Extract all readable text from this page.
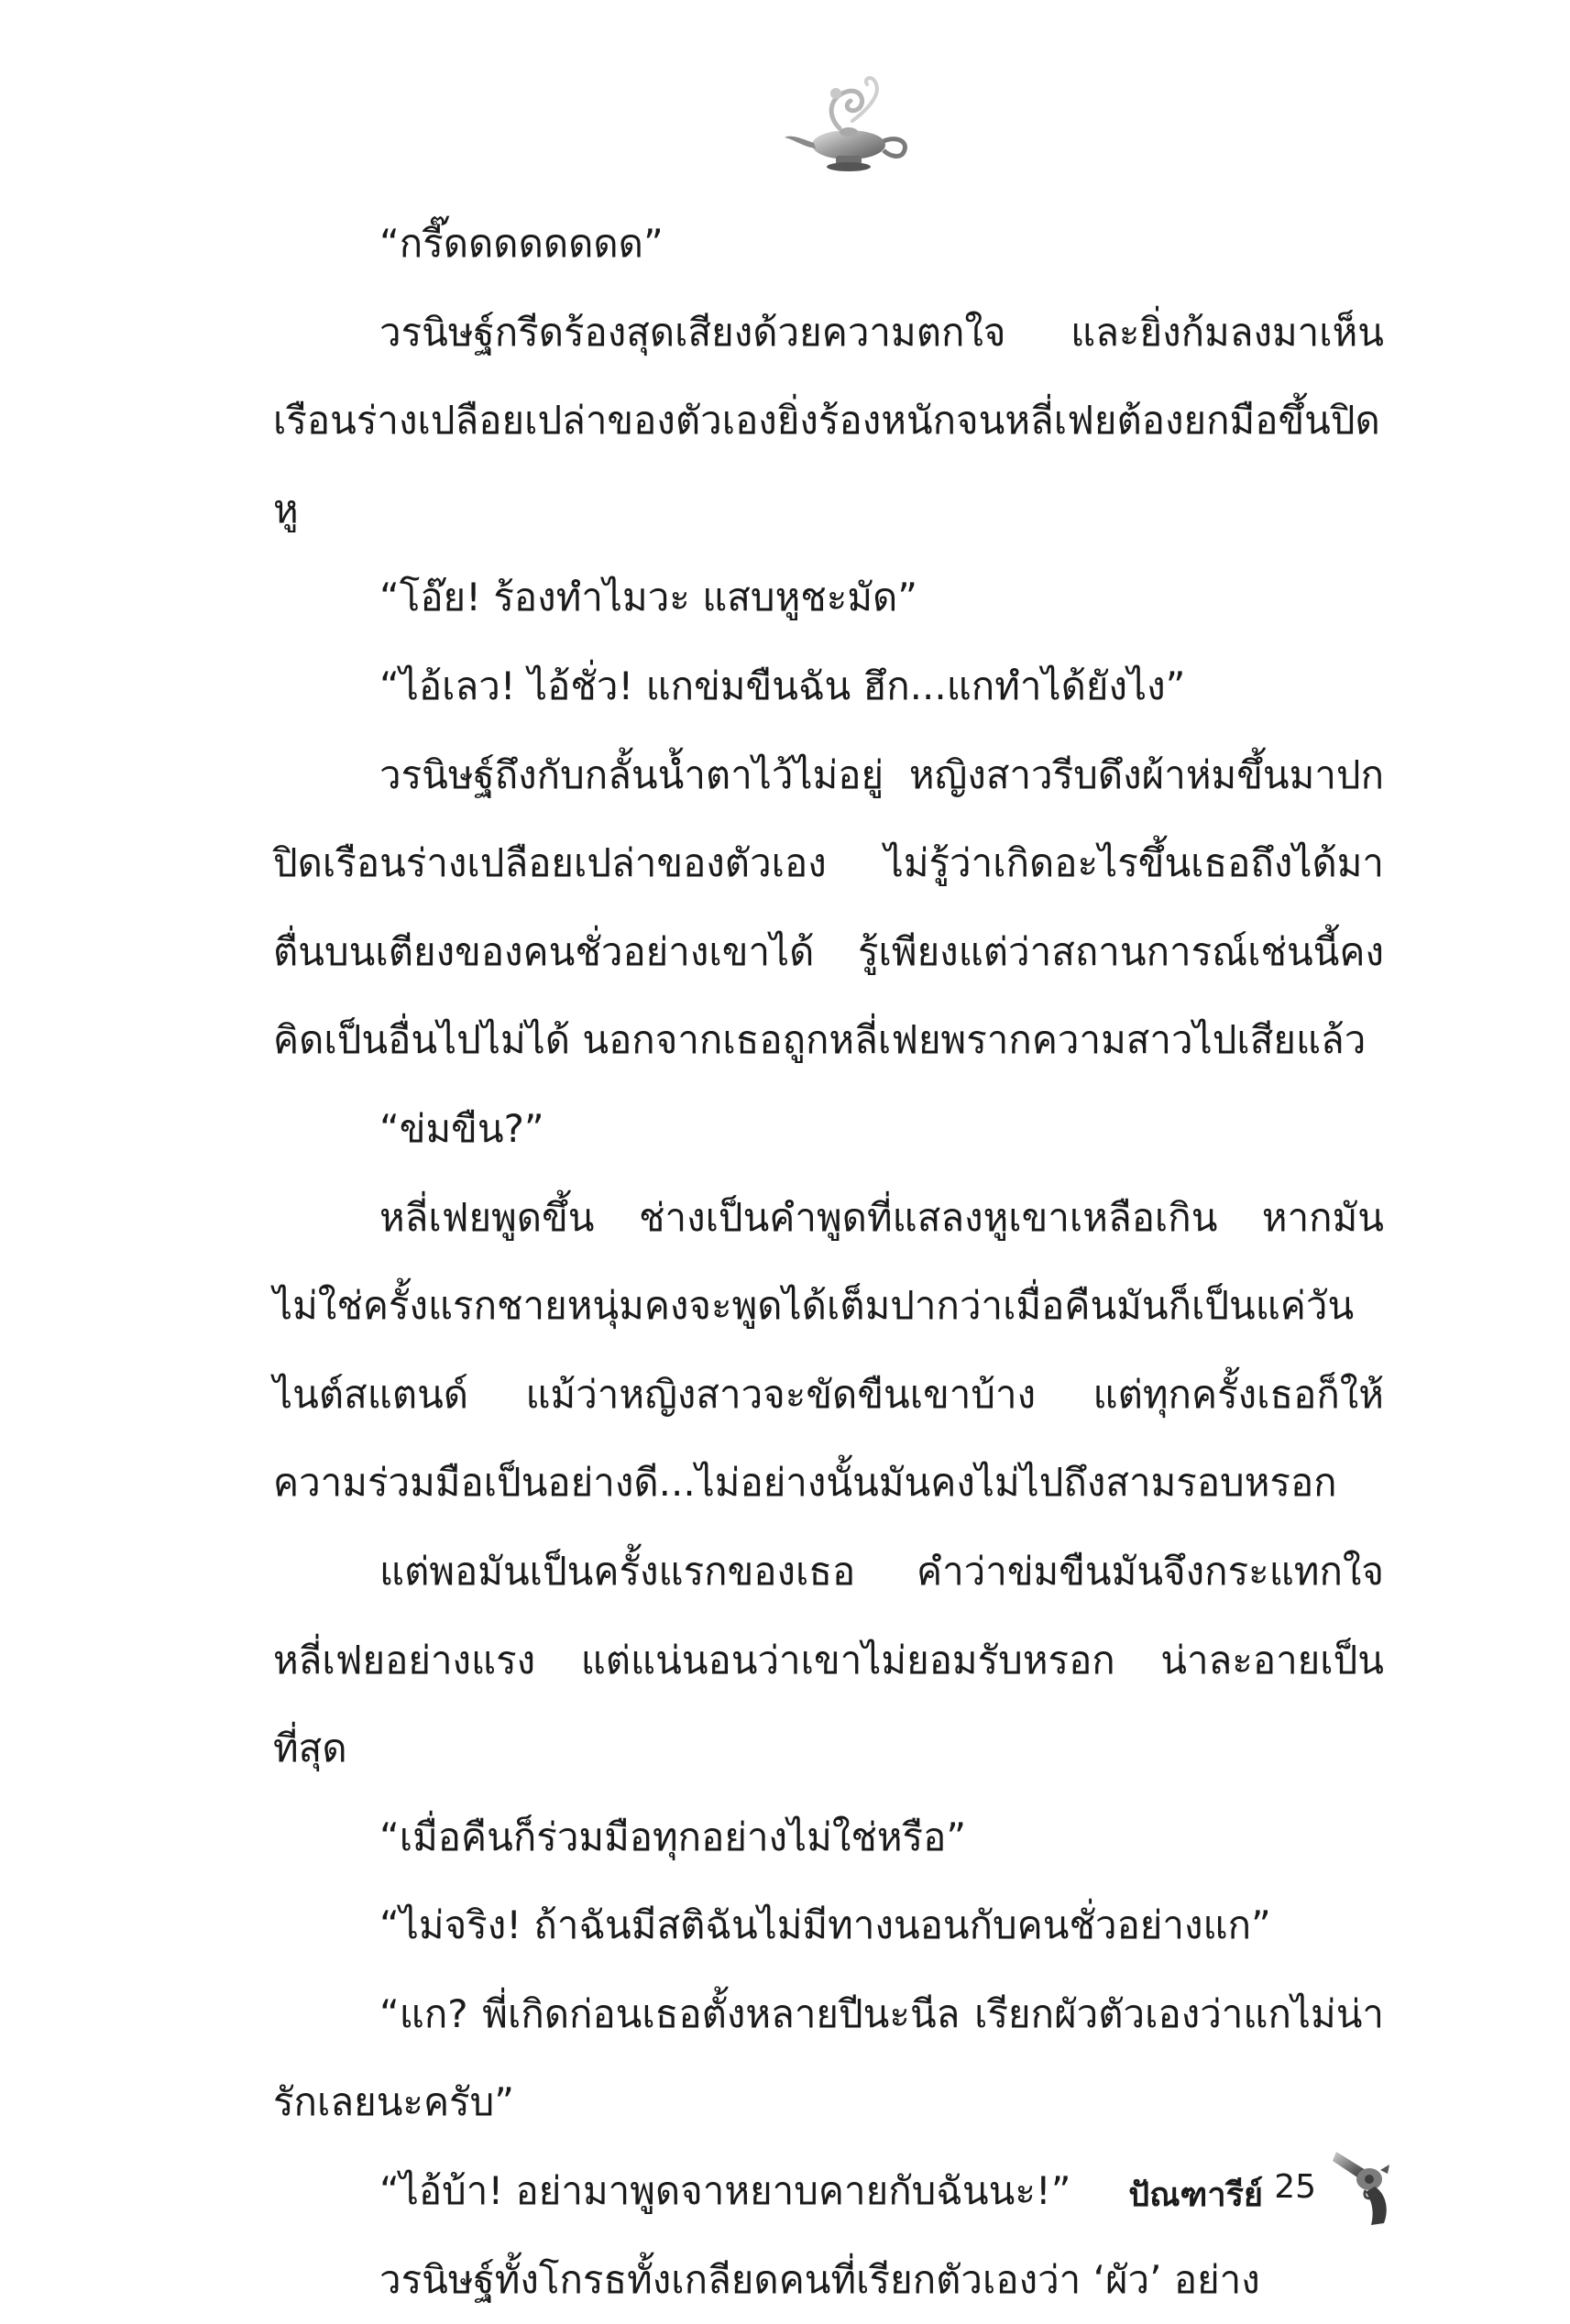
“กรี๊ดดดดดดดด”

วรนิษฐ์กรีดร้องสุดเสียงด้วยความตกใจ และยิ่งก้มลงมาเห็นเรือนร่างเปลือยเปล่าของตัวเองยิ่งร้องหนักจนหลี่เฟยต้องยกมือขึ้นปิดหู

“โอ๊ย! ร้องทำไมวะ แสบหูชะมัด”

“ไอ้เลว! ไอ้ชั่ว! แกข่มขืนฉัน ฮึก...แกทำได้ยังไง”

วรนิษฐ์ถึงกับกลั้นน้ำตาไว้ไม่อยู่ หญิงสาวรีบดึงผ้าห่มขึ้นมาปกปิดเรือนร่างเปลือยเปล่าของตัวเอง ไม่รู้ว่าเกิดอะไรขึ้นเธอถึงได้มาตื่นบนเตียงของคนชั่วอย่างเขาได้ รู้เพียงแต่ว่าสถานการณ์เช่นนี้คงคิดเป็นอื่นไปไม่ได้ นอกจากเธอถูกหลี่เฟยพรากความสาวไปเสียแล้ว

“ข่มขืน?”

หลี่เฟยพูดขึ้น ช่างเป็นคำพูดที่แสลงหูเขาเหลือเกิน หากมันไม่ใช่ครั้งแรกชายหนุ่มคงจะพูดได้เต็มปากว่าเมื่อคืนมันก็เป็นแค่วันไนต์สแตนด์ แม้ว่าหญิงสาวจะขัดขืนเขาบ้าง แต่ทุกครั้งเธอก็ให้ความร่วมมือเป็นอย่างดี...ไม่อย่างนั้นมันคงไม่ไปถึงสามรอบหรอก

แต่พอมันเป็นครั้งแรกของเธอ คำว่าข่มขืนมันจึงกระแทกใจหลี่เฟยอย่างแรง แต่แน่นอนว่าเขาไม่ยอมรับหรอก น่าละอายเป็นที่สุด

“เมื่อคืนก็ร่วมมือทุกอย่างไม่ใช่หรือ”

“ไม่จริง! ถ้าฉันมีสติฉันไม่มีทางนอนกับคนชั่วอย่างแก”

“แก? พี่เกิดก่อนเธอตั้งหลายปีนะนีล เรียกผัวตัวเองว่าแกไม่น่ารักเลยนะครับ”

“ไอ้บ้า! อย่ามาพูดจาหยาบคายกับฉันนะ!”

วรนิษฐ์ทั้งโกรธทั้งเกลียดคนที่เรียกตัวเองว่า ‘ผัว’ อย่าง

ปัณฑารีย์ 25
